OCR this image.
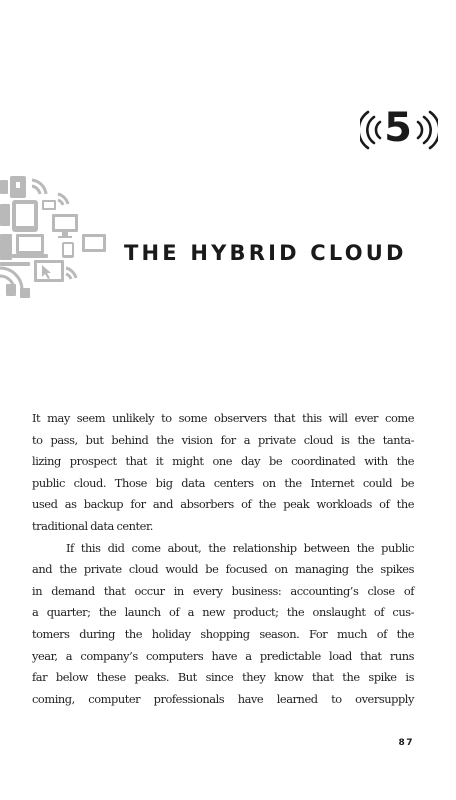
5
THE HYBRID CLOUD
It may seem unlikely to some observers that this will ever come
to pass, but behind the vision for a private cloud is the tanta-
lizing prospect that it might one day be coordinated with the
public cloud. Those big data centers on the Internet could be
used as backup for and absorbers of the peak workloads of the
traditional data center.
If this did come about, the relationship between the public
and the private cloud would be focused on managing the spikes
in demand that occur in every business: accounting’s close of
a quarter; the launch of a new product; the onslaught of cus-
tomers during the holiday shopping season. For much of the
year, a company’s computers have a predictable load that runs
far below these peaks. But since they know that the spike is
coming, computer professionals have learned to oversupply
87
